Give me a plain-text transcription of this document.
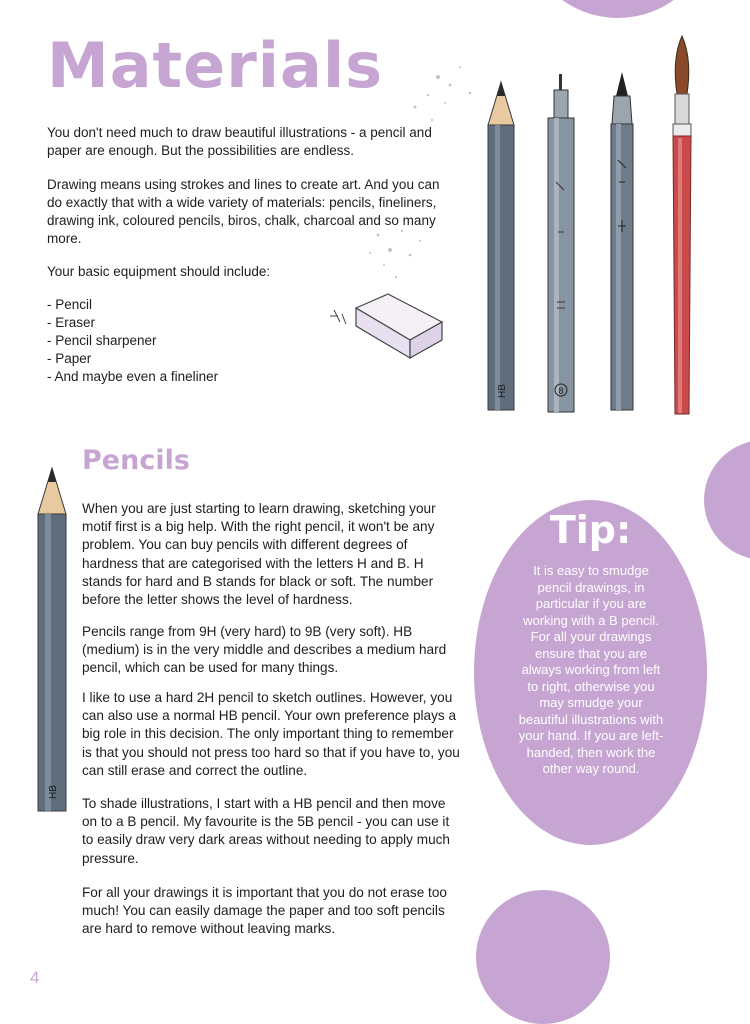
Materials

You don't need much to draw beautiful illustrations - a pencil and paper are enough. But the possibilities are endless.

Drawing means using strokes and lines to create art. And you can do exactly that with a wide variety of materials: pencils, fineliners, drawing ink, coloured pencils, biros, chalk, charcoal and so many more.

Your basic equipment should include:

- Pencil
- Eraser
- Pencil sharpener
- Paper
- And maybe even a fineliner
HB	8
HB
Pencils

When you are just starting to learn drawing, sketching your motif first is a big help. With the right pencil, it won't be any problem. You can buy pencils with different degrees of hardness that are categorised with the letters H and B. H stands for hard and B stands for black or soft. The number before the letter shows the level of hardness.

Pencils range from 9H (very hard) to 9B (very soft). HB (medium) is in the very middle and describes a medium hard pencil, which can be used for many things.

I like to use a hard 2H pencil to sketch outlines. However, you can also use a normal HB pencil. Your own preference plays a big role in this decision. The only important thing to remember is that you should not press too hard so that if you have to, you can still erase and correct the outline.

To shade illustrations, I start with a HB pencil and then move on to a B pencil. My favourite is the 5B pencil - you can use it to easily draw very dark areas without needing to apply much pressure.

For all your drawings it is important that you do not erase too much! You can easily damage the paper and too soft pencils are hard to remove without leaving marks.

Tip:
It is easy to smudge pencil drawings, in particular if you are working with a B pencil. For all your drawings ensure that you are always working from left to right, otherwise you may smudge your beautiful illustrations with your hand. If you are left-handed, then work the other way round.
4
